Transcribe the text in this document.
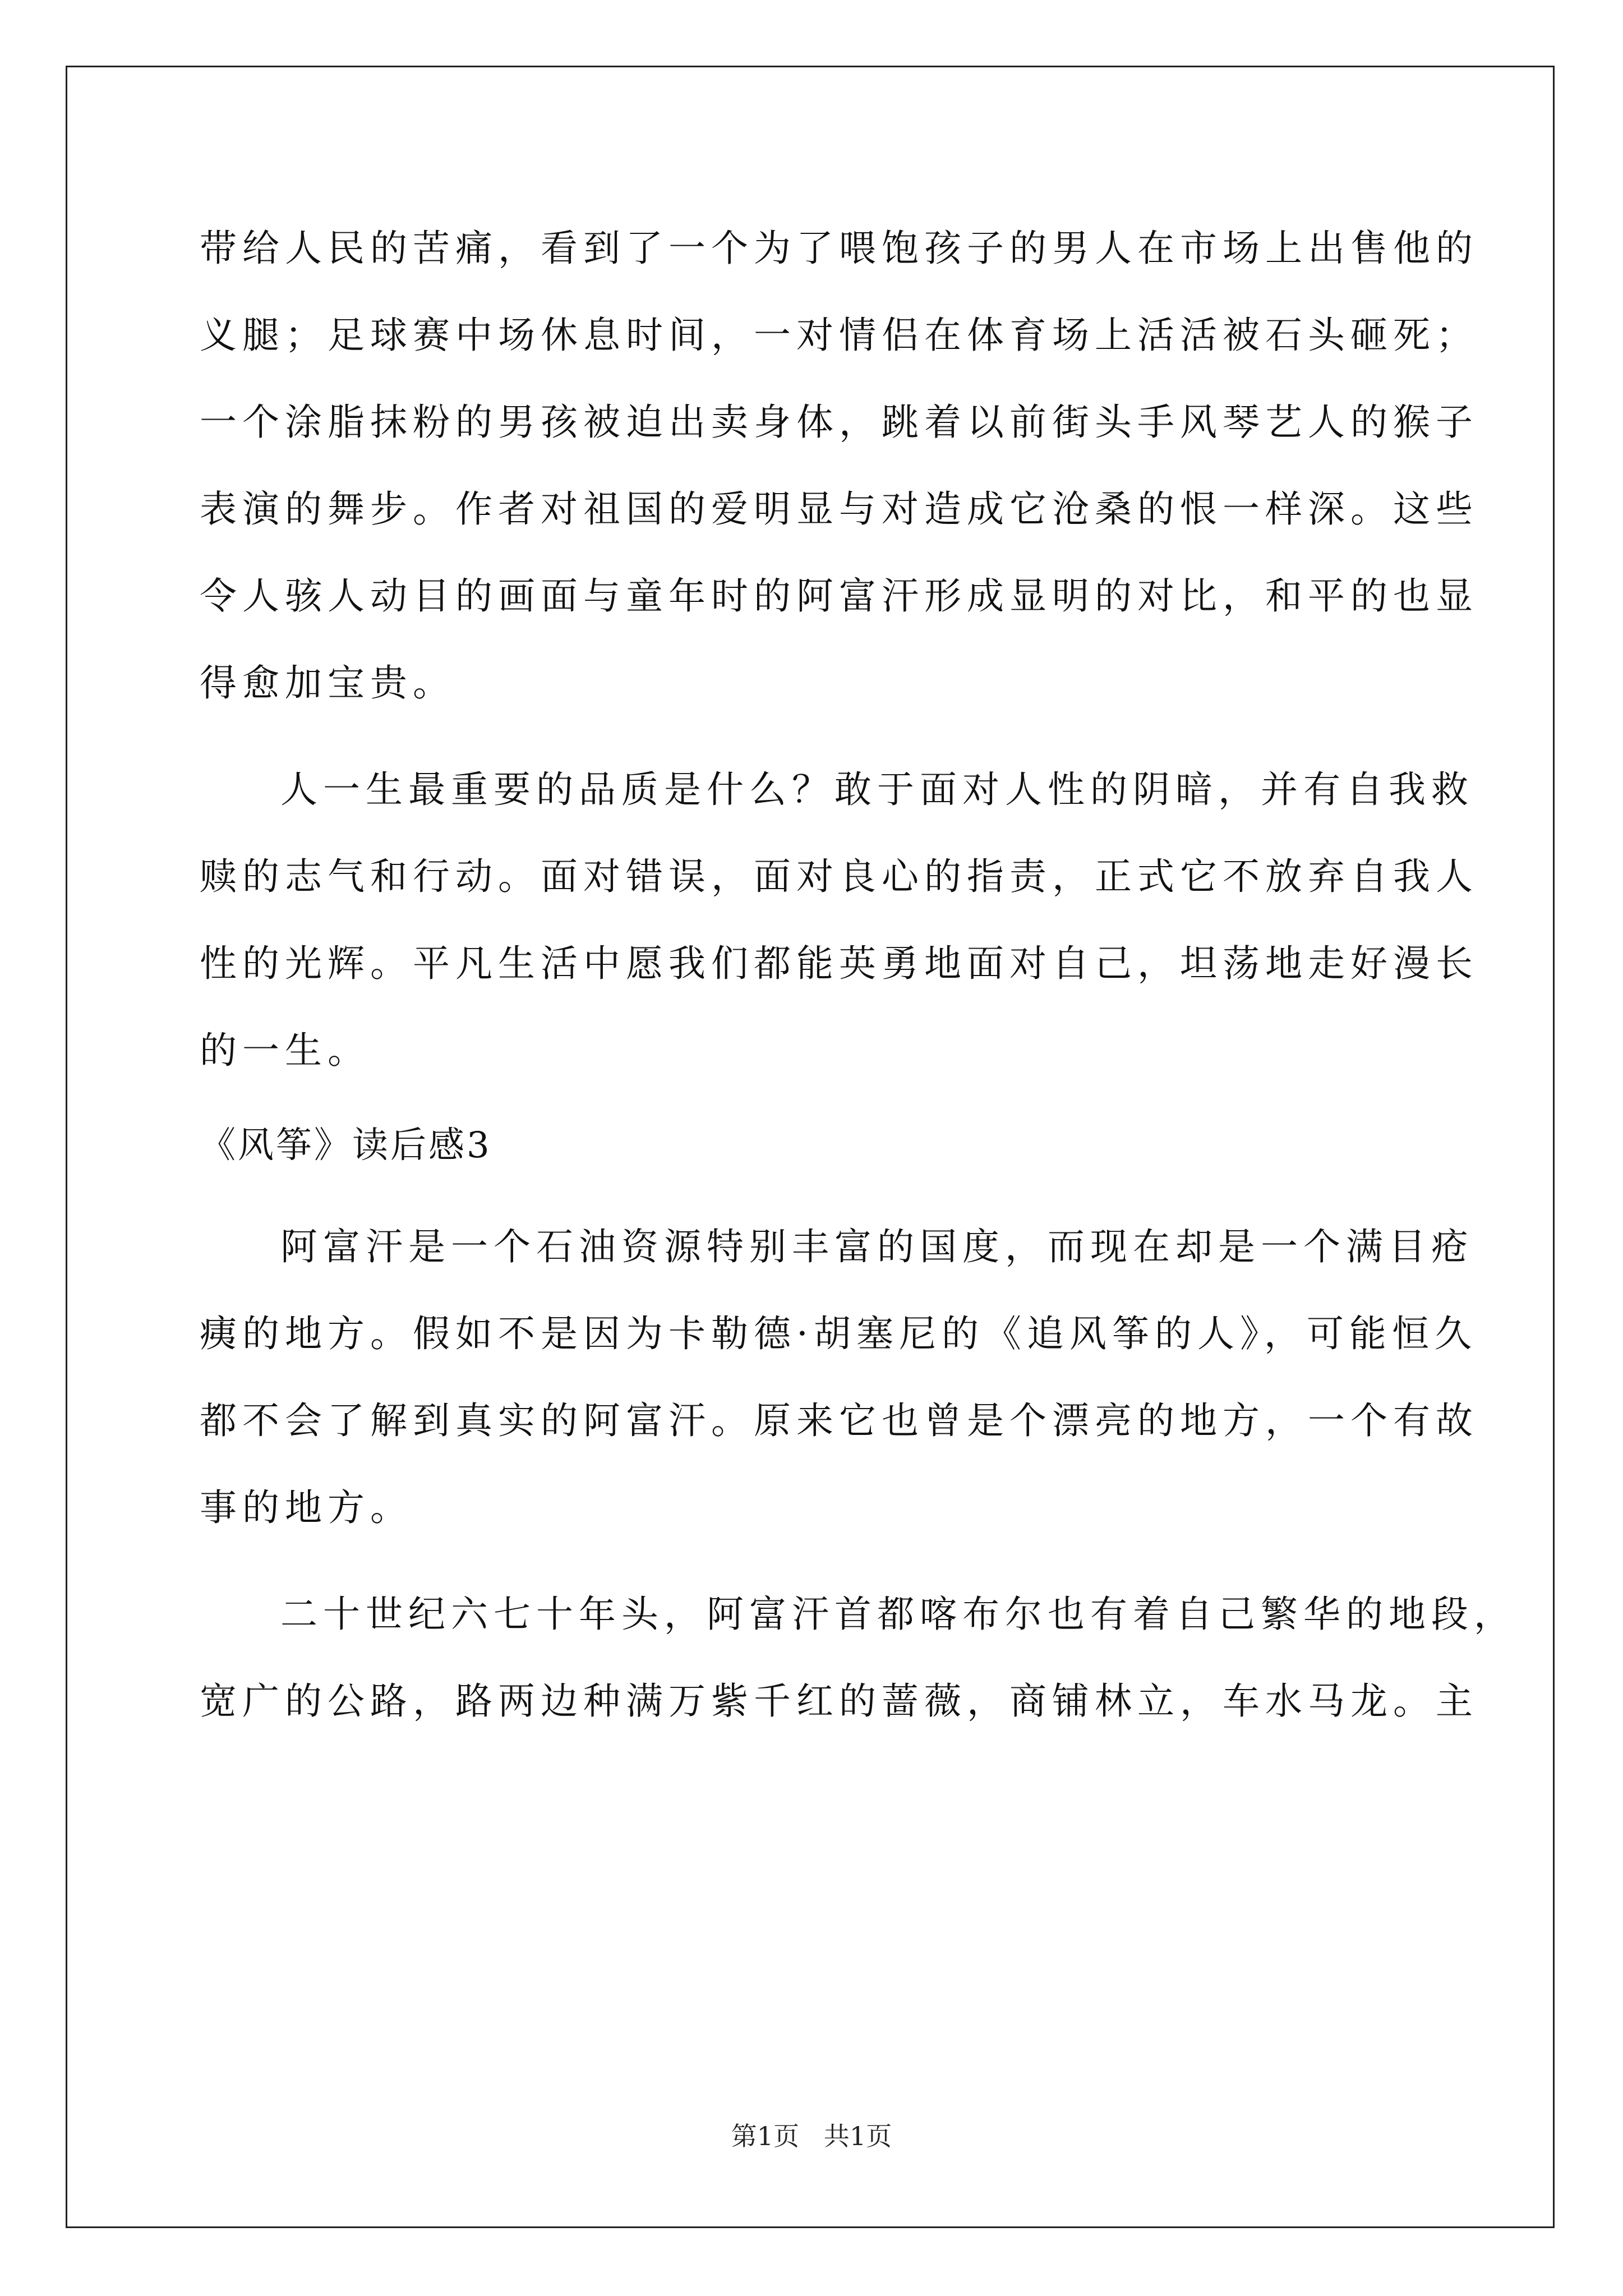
带给人民的苦痛，看到了一个为了喂饱孩子的男人在市场上出售他的
义腿；足球赛中场休息时间，一对情侣在体育场上活活被石头砸死；
一个涂脂抹粉的男孩被迫出卖身体，跳着以前街头手风琴艺人的猴子
表演的舞步。作者对祖国的爱明显与对造成它沧桑的恨一样深。这些
令人骇人动目的画面与童年时的阿富汗形成显明的对比，和平的也显
得愈加宝贵。
人一生最重要的品质是什么？敢于面对人性的阴暗，并有自我救
赎的志气和行动。面对错误，面对良心的指责，正式它不放弃自我人
性的光辉。平凡生活中愿我们都能英勇地面对自己，坦荡地走好漫长
的一生。
《风筝》读后感3
阿富汗是一个石油资源特别丰富的国度，而现在却是一个满目疮
痍的地方。假如不是因为卡勒德·胡塞尼的《追风筝的人》，可能恒久
都不会了解到真实的阿富汗。原来它也曾是个漂亮的地方，一个有故
事的地方。
二十世纪六七十年头，阿富汗首都喀布尔也有着自己繁华的地段，
宽广的公路，路两边种满万紫千红的蔷薇，商铺林立，车水马龙。主
第1页   共1页
